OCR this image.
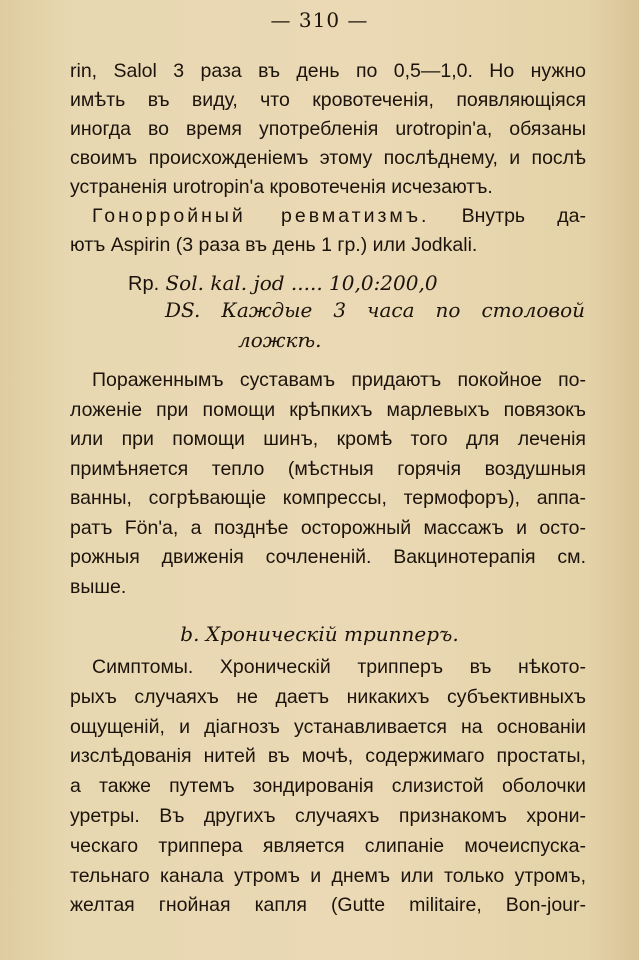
— 310 —
rin, Salol 3 раза въ день по 0,5—1,0. Но нужно
имѣть въ виду, что кровотеченія, появляющіяся
иногда во время употребленія urotropin'a, обязаны
своимъ происхожденіемъ этому послѣднему, и послѣ
устраненія urotropin'a кровотеченія исчезаютъ.
Гонорройный ревматизмъ. Внутрь да-
ютъ Aspirin (3 раза въ день 1 гр.) или Jodkali.
Rp. Sol. kal. jod ..... 10,0:200,0
DS. Каждые 3 часа по столовой
ложкѣ.
Пораженнымъ суставамъ придаютъ покойное по-
ложеніе при помощи крѣпкихъ марлевыхъ повязокъ
или при помощи шинъ, кромѣ того для леченія
примѣняется тепло (мѣстныя горячія воздушныя
ванны, согрѣвающіе компрессы, термофоръ), аппа-
ратъ Fön'a, а позднѣе осторожный массажъ и осто-
рожныя движенія сочлененій. Вакцинотерапія см.
выше.
b. Хроническій трипперъ.
Симптомы. Хроническій трипперъ въ нѣкото-
рыхъ случаяхъ не даетъ никакихъ субъективныхъ
ощущеній, и діагнозъ устанавливается на основаніи
изслѣдованія нитей въ мочѣ, содержимаго простаты,
а также путемъ зондированія слизистой оболочки
уретры. Въ другихъ случаяхъ признакомъ хрони-
ческаго триппера является слипаніе мочеиспуска-
тельнаго канала утромъ и днемъ или только утромъ,
желтая гнойная капля (Gutte militaire, Bon-jour-
